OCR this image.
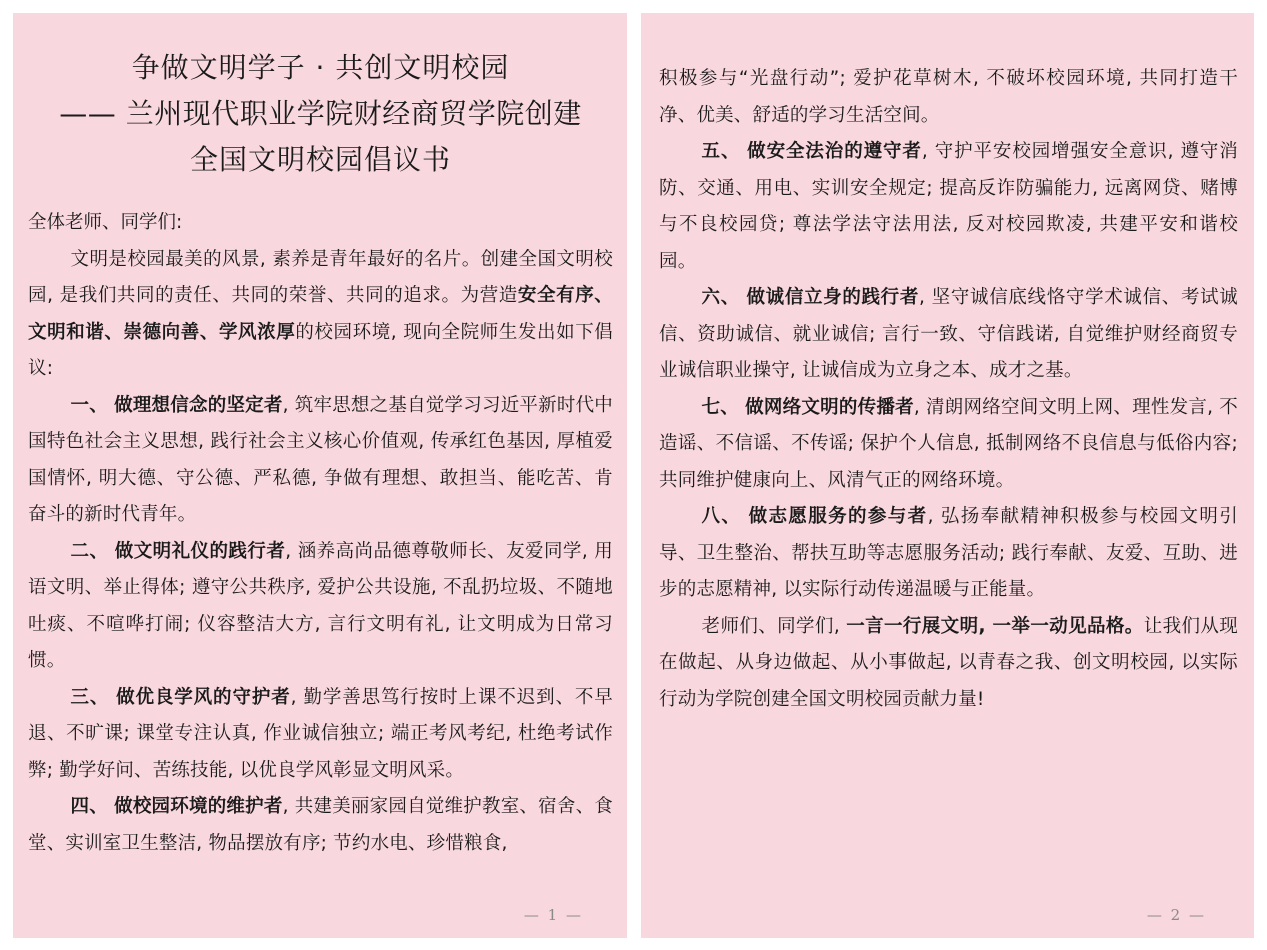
争做文明学子 · 共创文明校园
—— 兰州现代职业学院财经商贸学院创建
全国文明校园倡议书

全体老师、同学们:

文明是校园最美的风景, 素养是青年最好的名片。创建全国文明校园, 是我们共同的责任、共同的荣誉、共同的追求。为营造安全有序、文明和谐、崇德向善、学风浓厚的校园环境, 现向全院师生发出如下倡议:

一、 做理想信念的坚定者, 筑牢思想之基自觉学习习近平新时代中国特色社会主义思想, 践行社会主义核心价值观, 传承红色基因, 厚植爱国情怀, 明大德、守公德、严私德, 争做有理想、敢担当、能吃苦、肯奋斗的新时代青年。

二、 做文明礼仪的践行者, 涵养高尚品德尊敬师长、友爱同学, 用语文明、举止得体; 遵守公共秩序, 爱护公共设施, 不乱扔垃圾、不随地吐痰、不喧哗打闹; 仪容整洁大方, 言行文明有礼, 让文明成为日常习惯。

三、 做优良学风的守护者, 勤学善思笃行按时上课不迟到、不早退、不旷课; 课堂专注认真, 作业诚信独立; 端正考风考纪, 杜绝考试作弊; 勤学好问、苦练技能, 以优良学风彰显文明风采。

四、 做校园环境的维护者, 共建美丽家园自觉维护教室、宿舍、食堂、实训室卫生整洁, 物品摆放有序; 节约水电、珍惜粮食,

— 1 —

积极参与“光盘行动”; 爱护花草树木, 不破坏校园环境, 共同打造干净、优美、舒适的学习生活空间。

五、 做安全法治的遵守者, 守护平安校园增强安全意识, 遵守消防、交通、用电、实训安全规定; 提高反诈防骗能力, 远离网贷、赌博与不良校园贷; 尊法学法守法用法, 反对校园欺凌, 共建平安和谐校园。

六、 做诚信立身的践行者, 坚守诚信底线恪守学术诚信、考试诚信、资助诚信、就业诚信; 言行一致、守信践诺, 自觉维护财经商贸专业诚信职业操守, 让诚信成为立身之本、成才之基。

七、 做网络文明的传播者, 清朗网络空间文明上网、理性发言, 不造谣、不信谣、不传谣; 保护个人信息, 抵制网络不良信息与低俗内容; 共同维护健康向上、风清气正的网络环境。

八、 做志愿服务的参与者, 弘扬奉献精神积极参与校园文明引导、卫生整治、帮扶互助等志愿服务活动; 践行奉献、友爱、互助、进步的志愿精神, 以实际行动传递温暖与正能量。

老师们、同学们, 一言一行展文明, 一举一动见品格。让我们从现在做起、从身边做起、从小事做起, 以青春之我、创文明校园, 以实际行动为学院创建全国文明校园贡献力量!

— 2 —
